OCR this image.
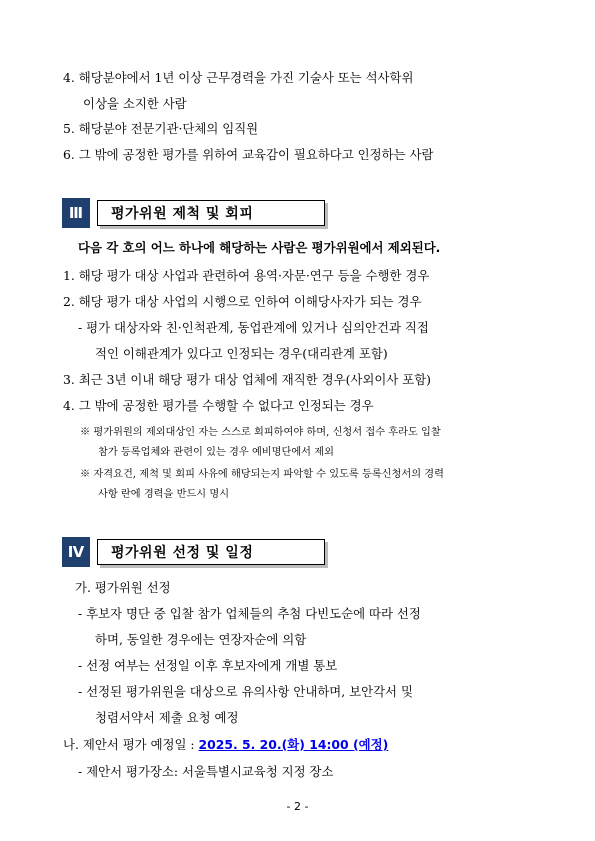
4. 해당분야에서 1년 이상 근무경력을 가진 기술사 또는 석사학위
이상을 소지한 사람
5. 해당분야 전문기관·단체의 임직원
6. 그 밖에 공정한 평가를 위하여 교육감이 필요하다고 인정하는 사람
Ⅲ	평가위원 제척 및 회피
다음 각 호의 어느 하나에 해당하는 사람은 평가위원에서 제외된다.
1. 해당 평가 대상 사업과 관련하여 용역·자문·연구 등을 수행한 경우
2. 해당 평가 대상 사업의 시행으로 인하여 이해당사자가 되는 경우
- 평가 대상자와 친·인척관계, 동업관계에 있거나 심의안건과 직접
적인 이해관계가 있다고 인정되는 경우(대리관계 포함)
3. 최근 3년 이내 해당 평가 대상 업체에 재직한 경우(사외이사 포함)
4. 그 밖에 공정한 평가를 수행할 수 없다고 인정되는 경우
※ 평가위원의 제외대상인 자는 스스로 회피하여야 하며, 신청서 접수 후라도 입찰
참가 등록업체와 관련이 있는 경우 예비명단에서 제외
※ 자격요건, 제척 및 회피 사유에 해당되는지 파악할 수 있도록 등록신청서의 경력
사항 란에 경력을 반드시 명시
Ⅳ	평가위원 선정 및 일정
가. 평가위원 선정
- 후보자 명단 중 입찰 참가 업체들의 추첨 다빈도순에 따라 선정
하며, 동일한 경우에는 연장자순에 의함
- 선정 여부는 선정일 이후 후보자에게 개별 통보
- 선정된 평가위원을 대상으로 유의사항 안내하며, 보안각서 및
청렴서약서 제출 요청 예정
나. 제안서 평가 예정일 : 2025. 5. 20.(화) 14:00 (예정)
- 제안서 평가장소: 서울특별시교육청 지정 장소
- 2 -
